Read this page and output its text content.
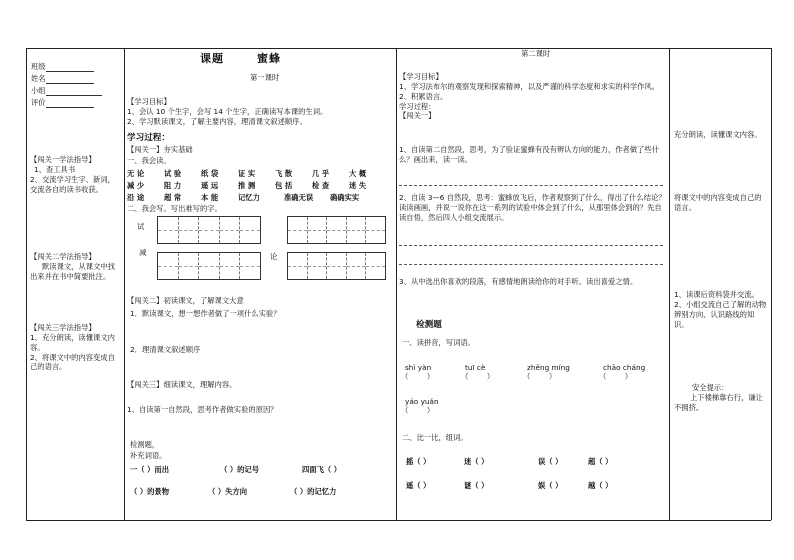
班级
姓名
小组
评价
【闯关一学法指导】
1、查工具书
2、交流学习生字、新词，交流各自的读书收获。
【闯关二学法指导】
默读课文，从课文中找出来并在书中简要批注。
【闯关三学法指导】
1、充分朗读，读懂课文内容。
2、将课文中的内容变成自己的语言。
课题	蜜蜂
第一课时
【学习目标】
1、会认 10 个生字，会写 14 个生字，正确读写本课的生词。
2、学习默读课文，了解主要内容，理清课文叙述顺序。
学习过程：
【闯关一】夯实基础
一、我会读。
无 论	试 验	纸 袋	证 实	飞 散	几 乎	大 概
减 少	阻 力	遥 远	推 测	包 括	检 查	迷 失
沿 途	超 常	本 能	记忆力	准确无误 确确实实
二、我会写。写出难写的字。
试
减	论
【闯关二】初读课文，了解课文大意
1．默读课文，想一想作者做了一项什么实验？
2．理清课文叙述顺序
【闯关三】细读课文，理解内容。
1、自读第一自然段，思考作者做实验的原因？
检测题，
补充词语。
一（ ）而出	（ ）的记号	四面飞（ ）
（ ）的景物	（ ）失方向	（ ）的记忆力
第二课时
【学习目标】
1、学习法布尔的观察发现和探索精神，以及严谨的科学态度和求实的科学作风。
2、积累语言。
学习过程：
【闯关一】
1、自读第二自然段，思考，为了验证蜜蜂有没有辨认方向的能力，作者做了些什么？画出来，读一读。
2、自读 3—6 自然段，思考：蜜蜂放飞后，作者观察到了什么，得出了什么结论？读读画画，并说一说你在这一系列的试验中体会到了什么，从那里体会到的？先自读自悟，然后四人小组交流展示。
3、从中选出你喜欢的段落，有感情地朗读给你的对手听。读出喜爱之情。
检测题
一、读拼音，写词语。
shì yàn	tuī cè	zhěng míng	chāo cháng
（        ）	（        ）	（        ）	（        ）
yáo yuǎn
（        ）
二、比一比，组词。
摇（ ）	迷（ ）	误（ ）	超（ ）
遥（ ）	谜（ ）	娱（ ）	越（ ）
充分朗读，读懂课文内容。
将课文中的内容变成自己的语言。
1、读课后资料袋并交流。
2、小组交流自己了解的动物辨别方向、认识路线的知识。
安全提示：
上下楼梯靠右行，谦让不拥挤。
